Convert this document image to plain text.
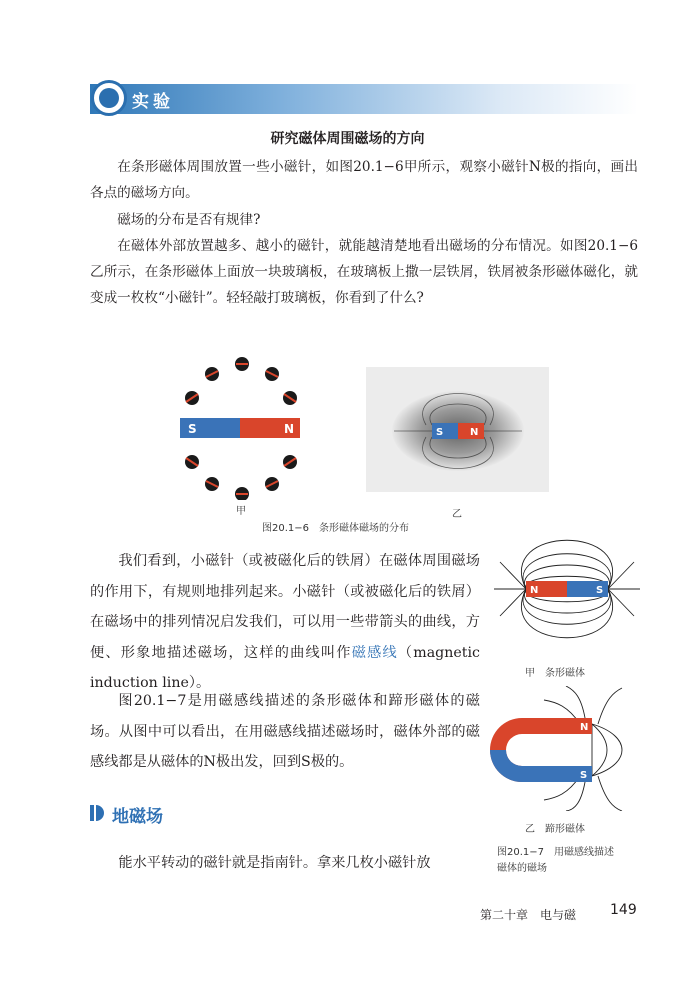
实验
研究磁体周围磁场的方向

在条形磁体周围放置一些小磁针，如图20.1−6甲所示，观察小磁针N极的指向，画出各点的磁场方向。

磁场的分布是否有规律?

在磁体外部放置越多、越小的磁针，就能越清楚地看出磁场的分布情况。如图20.1−6乙所示，在条形磁体上面放一块玻璃板，在玻璃板上撒一层铁屑，铁屑被条形磁体磁化，就变成一枚枚“小磁针”。轻轻敲打玻璃板，你看到了什么?

S	N	S	N
甲	乙
图20.1−6　条形磁体磁场的分布

我们看到，小磁针（或被磁化后的铁屑）在磁体周围磁场的作用下，有规则地排列起来。小磁针（或被磁化后的铁屑）在磁场中的排列情况启发我们，可以用一些带箭头的曲线，方便、形象地描述磁场，这样的曲线叫作磁感线（magnetic induction line）。

图20.1−7是用磁感线描述的条形磁体和蹄形磁体的磁场。从图中可以看出，在用磁感线描述磁场时，磁体外部的磁感线都是从磁体的N极出发，回到S极的。

N	S
甲　条形磁体
N
S
乙　蹄形磁体
图20.1−7　用磁感线描述
磁体的磁场
地磁场

能水平转动的磁针就是指南针。拿来几枚小磁针放

第二十章　电与磁 149
